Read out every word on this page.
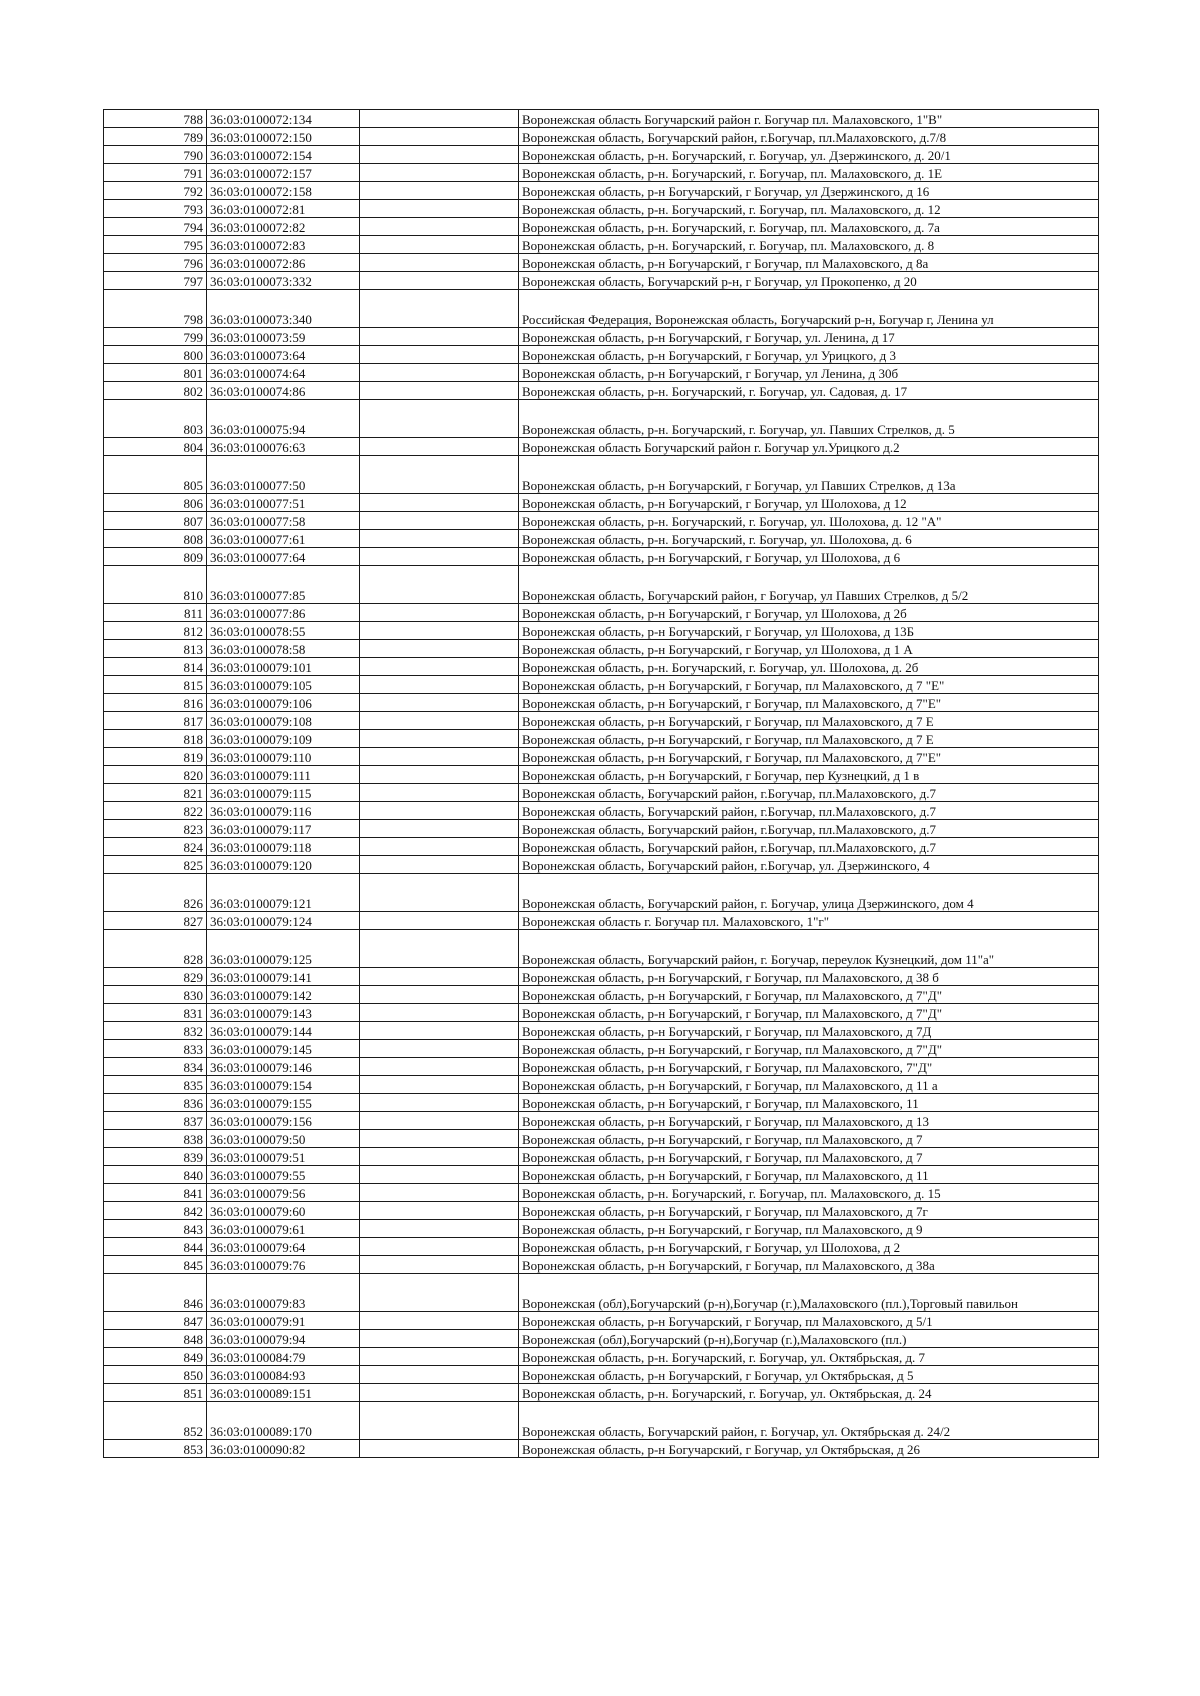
788	36:03:0100072:134		Воронежская область Богучарский район г. Богучар пл. Малаховского, 1"В"
789	36:03:0100072:150		Воронежская область, Богучарский район, г.Богучар, пл.Малаховского, д.7/8
790	36:03:0100072:154		Воронежская область, р-н. Богучарский, г. Богучар, ул. Дзержинского, д. 20/1
791	36:03:0100072:157		Воронежская область, р-н. Богучарский, г. Богучар, пл. Малаховского, д. 1Е
792	36:03:0100072:158		Воронежская область, р-н Богучарский, г Богучар, ул Дзержинского, д 16
793	36:03:0100072:81		Воронежская область, р-н. Богучарский, г. Богучар, пл. Малаховского, д. 12
794	36:03:0100072:82		Воронежская область, р-н. Богучарский, г. Богучар, пл. Малаховского, д. 7а
795	36:03:0100072:83		Воронежская область, р-н. Богучарский, г. Богучар, пл. Малаховского, д. 8
796	36:03:0100072:86		Воронежская область, р-н Богучарский, г Богучар, пл Малаховского, д 8а
797	36:03:0100073:332		Воронежская область, Богучарский р-н, г Богучар, ул Прокопенко, д 20
798	36:03:0100073:340		Российская Федерация, Воронежская область, Богучарский р-н, Богучар г, Ленина ул
799	36:03:0100073:59		Воронежская область, р-н Богучарский, г Богучар, ул. Ленина, д 17
800	36:03:0100073:64		Воронежская область, р-н Богучарский, г Богучар, ул Урицкого, д 3
801	36:03:0100074:64		Воронежская область, р-н Богучарский, г Богучар, ул Ленина, д 30б
802	36:03:0100074:86		Воронежская область, р-н. Богучарский, г. Богучар, ул. Садовая, д. 17
803	36:03:0100075:94		Воронежская область, р-н. Богучарский, г. Богучар, ул. Павших Стрелков, д. 5
804	36:03:0100076:63		Воронежская область Богучарский район г. Богучар ул.Урицкого д.2
805	36:03:0100077:50		Воронежская область, р-н Богучарский, г Богучар, ул Павших Стрелков, д 13а
806	36:03:0100077:51		Воронежская область, р-н Богучарский, г Богучар, ул Шолохова, д 12
807	36:03:0100077:58		Воронежская область, р-н. Богучарский, г. Богучар, ул. Шолохова, д. 12 "А"
808	36:03:0100077:61		Воронежская область, р-н. Богучарский, г. Богучар, ул. Шолохова, д. 6
809	36:03:0100077:64		Воронежская область, р-н Богучарский, г Богучар, ул Шолохова, д 6
810	36:03:0100077:85		Воронежская область, Богучарский район, г Богучар, ул Павших Стрелков, д 5/2
811	36:03:0100077:86		Воронежская область, р-н Богучарский, г Богучар, ул Шолохова, д 2б
812	36:03:0100078:55		Воронежская область, р-н Богучарский, г Богучар, ул Шолохова, д 13Б
813	36:03:0100078:58		Воронежская область, р-н Богучарский, г Богучар, ул Шолохова, д 1 А
814	36:03:0100079:101		Воронежская область, р-н. Богучарский, г. Богучар, ул. Шолохова, д. 2б
815	36:03:0100079:105		Воронежская область, р-н Богучарский, г Богучар, пл Малаховского, д 7 "Е"
816	36:03:0100079:106		Воронежская область, р-н Богучарский, г Богучар, пл Малаховского, д 7"Е"
817	36:03:0100079:108		Воронежская область, р-н Богучарский, г Богучар, пл Малаховского, д 7 Е
818	36:03:0100079:109		Воронежская область, р-н Богучарский, г Богучар, пл Малаховского, д 7 Е
819	36:03:0100079:110		Воронежская область, р-н Богучарский, г Богучар, пл Малаховского, д 7"Е"
820	36:03:0100079:111		Воронежская область, р-н Богучарский, г Богучар, пер Кузнецкий, д 1 в
821	36:03:0100079:115		Воронежская область, Богучарский район, г.Богучар, пл.Малаховского, д.7
822	36:03:0100079:116		Воронежская область, Богучарский район, г.Богучар, пл.Малаховского, д.7
823	36:03:0100079:117		Воронежская область, Богучарский район, г.Богучар, пл.Малаховского, д.7
824	36:03:0100079:118		Воронежская область, Богучарский район, г.Богучар, пл.Малаховского, д.7
825	36:03:0100079:120		Воронежская область, Богучарский район, г.Богучар, ул. Дзержинского, 4
826	36:03:0100079:121		Воронежская область, Богучарский район, г. Богучар, улица Дзержинского, дом 4
827	36:03:0100079:124		Воронежская область г. Богучар пл. Малаховского, 1"г"
828	36:03:0100079:125		Воронежская область, Богучарский район, г. Богучар, переулок Кузнецкий, дом 11"а"
829	36:03:0100079:141		Воронежская область, р-н Богучарский, г Богучар, пл Малаховского, д 38 б
830	36:03:0100079:142		Воронежская область, р-н Богучарский, г Богучар, пл Малаховского, д 7"Д"
831	36:03:0100079:143		Воронежская область, р-н Богучарский, г Богучар, пл Малаховского, д 7"Д"
832	36:03:0100079:144		Воронежская область, р-н Богучарский, г Богучар, пл Малаховского, д 7Д
833	36:03:0100079:145		Воронежская область, р-н Богучарский, г Богучар, пл Малаховского, д 7"Д"
834	36:03:0100079:146		Воронежская область, р-н Богучарский, г Богучар, пл Малаховского, 7"Д"
835	36:03:0100079:154		Воронежская область, р-н Богучарский, г Богучар, пл Малаховского, д 11 а
836	36:03:0100079:155		Воронежская область, р-н Богучарский, г Богучар, пл Малаховского, 11
837	36:03:0100079:156		Воронежская область, р-н Богучарский, г Богучар, пл Малаховского, д 13
838	36:03:0100079:50		Воронежская область, р-н Богучарский, г Богучар, пл Малаховского, д 7
839	36:03:0100079:51		Воронежская область, р-н Богучарский, г Богучар, пл Малаховского, д 7
840	36:03:0100079:55		Воронежская область, р-н Богучарский, г Богучар, пл Малаховского, д 11
841	36:03:0100079:56		Воронежская область, р-н. Богучарский, г. Богучар, пл. Малаховского, д. 15
842	36:03:0100079:60		Воронежская область, р-н Богучарский, г Богучар, пл Малаховского, д 7г
843	36:03:0100079:61		Воронежская область, р-н Богучарский, г Богучар, пл Малаховского, д 9
844	36:03:0100079:64		Воронежская область, р-н Богучарский, г Богучар, ул Шолохова, д 2
845	36:03:0100079:76		Воронежская область, р-н Богучарский, г Богучар, пл Малаховского, д 38а
846	36:03:0100079:83		Воронежская (обл),Богучарский (р-н),Богучар (г.),Малаховского (пл.),Торговый павильон
847	36:03:0100079:91		Воронежская область, р-н Богучарский, г Богучар, пл Малаховского, д 5/1
848	36:03:0100079:94		Воронежская (обл),Богучарский (р-н),Богучар (г.),Малаховского (пл.)
849	36:03:0100084:79		Воронежская область, р-н. Богучарский, г. Богучар, ул. Октябрьская, д. 7
850	36:03:0100084:93		Воронежская область, р-н Богучарский, г Богучар, ул Октябрьская, д 5
851	36:03:0100089:151		Воронежская область, р-н. Богучарский, г. Богучар, ул. Октябрьская, д. 24
852	36:03:0100089:170		Воронежская область, Богучарский район, г. Богучар, ул. Октябрьская д. 24/2
853	36:03:0100090:82		Воронежская область, р-н Богучарский, г Богучар, ул Октябрьская, д 26
